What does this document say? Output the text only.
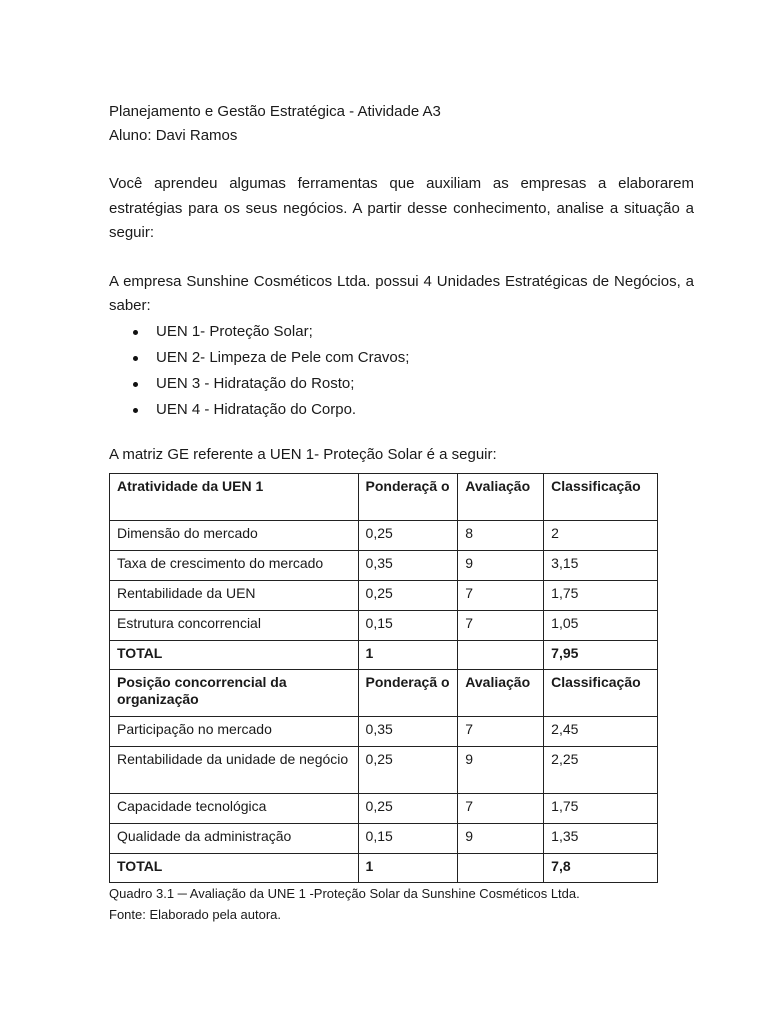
Planejamento e Gestão Estratégica - Atividade A3

Aluno: Davi Ramos

Você aprendeu algumas ferramentas que auxiliam as empresas a elaborarem estratégias para os seus negócios. A partir desse conhecimento, analise a situação a seguir:

A empresa Sunshine Cosméticos Ltda. possui 4 Unidades Estratégicas de Negócios, a saber:

UEN 1- Proteção Solar;
UEN 2- Limpeza de Pele com Cravos;
UEN 3 - Hidratação do Rosto;
UEN 4 - Hidratação do Corpo.

A matriz GE referente a UEN 1- Proteção Solar é a seguir:

Atratividade da UEN 1	Ponderaçã o	Avaliação	Classificação
Dimensão do mercado	0,25	8	2
Taxa de crescimento do mercado	0,35	9	3,15
Rentabilidade da UEN	0,25	7	1,75
Estrutura concorrencial	0,15	7	1,05
TOTAL	1		7,95
Posição concorrencial da organização	Ponderaçã o	Avaliação	Classificação
Participação no mercado	0,35	7	2,45
Rentabilidade da unidade de negócio	0,25	9	2,25
Capacidade tecnológica	0,25	7	1,75
Qualidade da administração	0,15	9	1,35
TOTAL	1		7,8

Quadro 3.1 ─ Avaliação da UNE 1 -Proteção Solar da Sunshine Cosméticos Ltda.

Fonte: Elaborado pela autora.
